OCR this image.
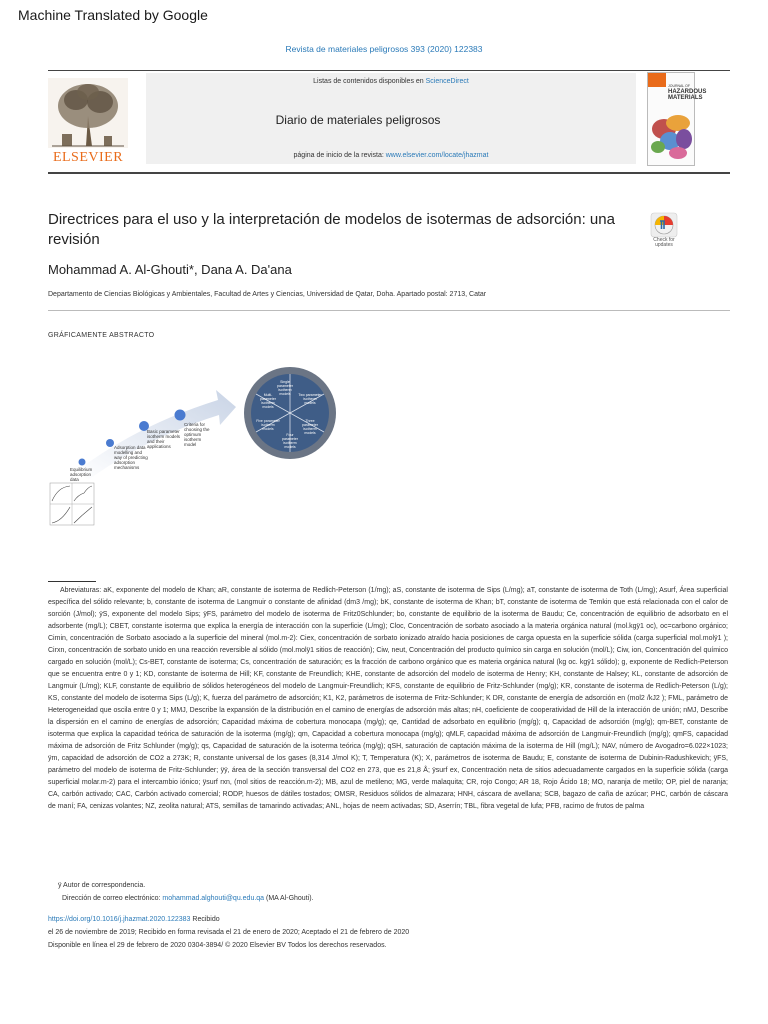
Machine Translated by Google
Revista de materiales peligrosos 393 (2020) 122383
ELSEVIER
Listas de contenidos disponibles en ScienceDirect
Diario de materiales peligrosos
página de inicio de la revista: www.elsevier.com/locate/jhazmat
JOURNAL OF
HAZARDOUS
MATERIALS
Directrices para el uso y la interpretación de modelos de isotermas de adsorción: una revisión	Check for
updates
Mohammad A. Al-Ghouti*, Dana A. Da'ana
Departamento de Ciencias Biológicas y Ambientales, Facultad de Artes y Ciencias, Universidad de Qatar, Doha. Apartado postal: 2713, Catar
GRÁFICAMENTE ABSTRACTO
Equilibrium adsorption data
Adsorption data modelling and way of predicting adsorption mechanisms
Basic parameter isotherm models and their applications
Criteria for choosing the optimum isotherm model
Single parameter isotherm models	Two parameter isotherm models
Three parameter isotherm models
Four parameter isotherm models
Five parameter isotherm models
Multi-parameter isotherm models
Abreviaturas: aK, exponente del modelo de Khan; aR, constante de isoterma de Redlich-Peterson (1/mg); aS, constante de isoterma de Sips (L/mg); aT, constante de isoterma de Toth (L/mg); Asurf, Área superficial específica del sólido relevante; b, constante de isoterma de Langmuir o constante de afinidad (dm3 /mg); bK, constante de isoterma de Khan; bT, constante de isoterma de Temkin que está relacionada con el calor de sorción (J/mol); ÿS, exponente del modelo Sips; ÿFS, parámetro del modelo de isoterma de Fritz0Schlunder; bo, constante de equilibrio de la isoterma de Baudu; Ce, concentración de equilibrio de adsorbato en el adsorbente (mg/L); CBET, constante isoterma que explica la energía de interacción con la superficie (L/mg); Cloc, Concentración de sorbato asociado a la materia orgánica natural (mol.kgÿ1 oc), oc=carbono orgánico; Cimin, concentración de Sorbato asociado a la superficie del mineral (mol.m-2): Ciex, concentración de sorbato ionizado atraído hacia posiciones de carga opuesta en la superficie sólida (carga superficial mol.molÿ1 ); Cirxn, concentración de sorbato unido en una reacción reversible al sólido (mol.molÿ1 sitios de reacción); Ciw, neut, Concentración del producto químico sin carga en solución (mol/L); Ciw, ion, Concentración del químico cargado en solución (mol/L); Cs-BET, constante de isoterma; Cs, concentración de saturación; es la fracción de carbono orgánico que es materia orgánica natural (kg oc. kgÿ1 sólido); g, exponente de Redlich-Peterson que se encuentra entre 0 y 1; KD, constante de isoterma de Hill; KF, constante de Freundlich; KHE, constante de adsorción del modelo de isoterma de Henry; KH, constante de Halsey; KL, constante de adsorción de Langmuir (L/mg); KLF, constante de equilibrio de sólidos heterogéneos del modelo de Langmuir-Freundlich; KFS, constante de equilibrio de Fritz-Schlunder (mg/g); KR, constante de isoterma de Redlich-Peterson (L/g); KS, constante del modelo de isoterma Sips (L/g); K, fuerza del parámetro de adsorción; K1, K2, parámetros de isoterma de Fritz-Schlunder; K DR, constante de energía de adsorción en (mol2 /kJ2 ); FML, parámetro de Heterogeneidad que oscila entre 0 y 1; MMJ, Describe la expansión de la distribución en el camino de energías de adsorción más altas; nH, coeficiente de cooperatividad de Hill de la interacción de unión; nMJ, Describe la dispersión en el camino de energías de adsorción; Capacidad máxima de cobertura monocapa (mg/g); qe, Cantidad de adsorbato en equilibrio (mg/g); q, Capacidad de adsorción (mg/g); qm-BET, constante de isoterma que explica la capacidad teórica de saturación de la isoterma (mg/g); qm, Capacidad a cobertura monocapa (mg/g); qMLF, capacidad máxima de adsorción de Langmuir-Freundlich (mg/g); qmFS, capacidad máxima de adsorción de Fritz Schlunder (mg/g); qs, Capacidad de saturación de la isoterma teórica (mg/g); qSH, saturación de captación máxima de la isoterma de Hill (mg/L); NAV, número de Avogadro=6.022×1023; ÿm, capacidad de adsorción de CO2 a 273K; R, constante universal de los gases (8,314 J/mol K); T, Temperatura (K); X, parámetros de isoterma de Baudu; E, constante de isoterma de Dubinin-Radushkevich; ÿFS, parámetro del modelo de isoterma de Fritz-Schlunder; ÿÿ, área de la sección transversal del CO2 en 273, que es 21,8 Å; ÿsurf ex, Concentración neta de sitios adecuadamente cargados en la superficie sólida (carga superficial molar.m-2) para el intercambio iónico; ÿsurf rxn, (mol sitios de reacción.m-2); MB, azul de metileno; MG, verde malaquita; CR, rojo Congo; AR 18, Rojo Ácido 18; MO, naranja de metilo; OP, piel de naranja; CA, carbón activado; CAC, Carbón activado comercial; RODP, huesos de dátiles tostados; OMSR, Residuos sólidos de almazara; HNH, cáscara de avellana; SCB, bagazo de caña de azúcar; PHC, carbón de cáscara de maní; FA, cenizas volantes; NZ, zeolita natural; ATS, semillas de tamarindo activadas; ANL, hojas de neem activadas; SD, Aserrín; TBL, fibra vegetal de lufa; PFB, racimo de frutos de palma
ÿ Autor de correspondencia.
Dirección de correo electrónico: mohammad.alghouti@qu.edu.qa (MA Al-Ghouti).
https://doi.org/10.1016/j.jhazmat.2020.122383 Recibido
el 26 de noviembre de 2019; Recibido en forma revisada el 21 de enero de 2020; Aceptado el 21 de febrero de 2020
Disponible en línea el 29 de febrero de 2020 0304-3894/ © 2020 Elsevier BV Todos los derechos reservados.
